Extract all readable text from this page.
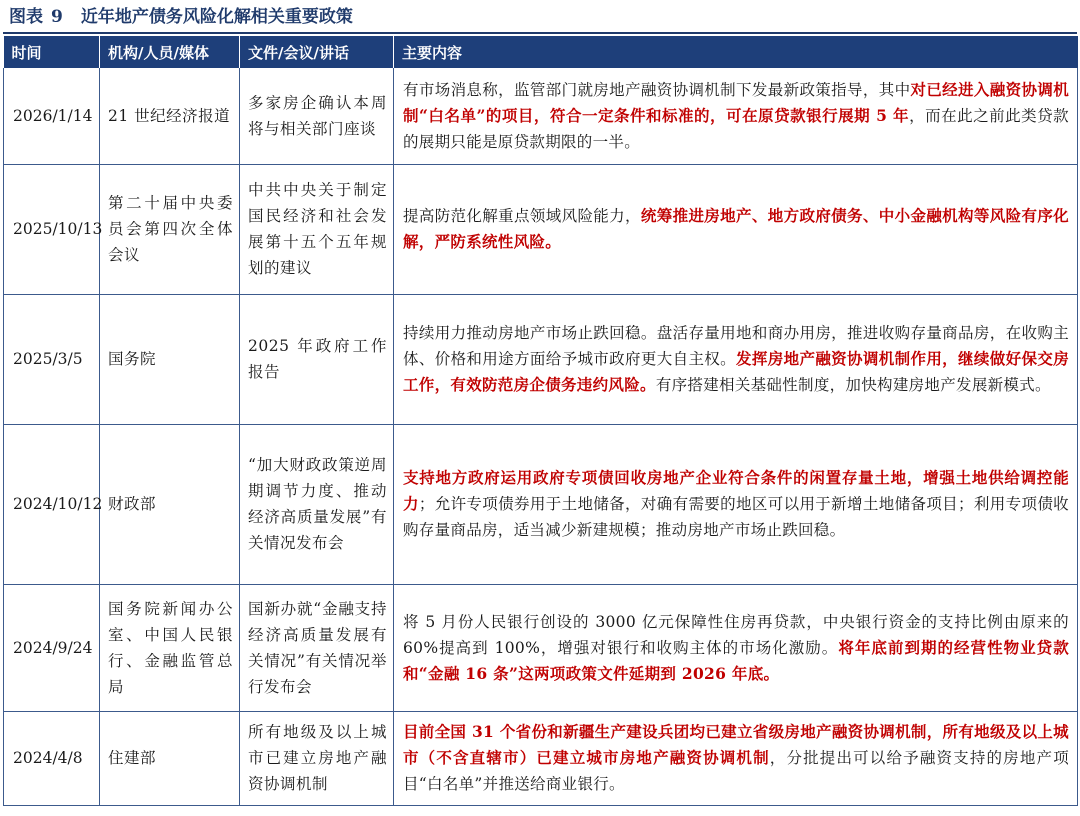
图表 9 近年地产债务风险化解相关重要政策
时间	机构/人员/媒体	文件/会议/讲话	主要内容
2026/1/14	21 世纪经济报道	多家房企确认本周将与相关部门座谈	有市场消息称，监管部门就房地产融资协调机制下发最新政策指导，其中对已经进入融资协调机制“白名单”的项目，符合一定条件和标准的，可在原贷款银行展期 5 年，而在此之前此类贷款的展期只能是原贷款期限的一半。
2025/10/13	第二十届中央委员会第四次全体会议	中共中央关于制定国民经济和社会发展第十五个五年规划的建议	提高防范化解重点领域风险能力，统筹推进房地产、地方政府债务、中小金融机构等风险有序化解，严防系统性风险。
2025/3/5	国务院	2025 年政府工作报告	持续用力推动房地产市场止跌回稳。盘活存量用地和商办用房，推进收购存量商品房，在收购主体、价格和用途方面给予城市政府更大自主权。发挥房地产融资协调机制作用，继续做好保交房工作，有效防范房企债务违约风险。有序搭建相关基础性制度，加快构建房地产发展新模式。
2024/10/12	财政部	“加大财政政策逆周期调节力度、推动经济高质量发展”有关情况发布会	支持地方政府运用政府专项债回收房地产企业符合条件的闲置存量土地，增强土地供给调控能力；允许专项债券用于土地储备，对确有需要的地区可以用于新增土地储备项目；利用专项债收购存量商品房，适当减少新建规模；推动房地产市场止跌回稳。
2024/9/24	国务院新闻办公室、中国人民银行、金融监管总局	国新办就“金融支持经济高质量发展有关情况”有关情况举行发布会	将 5 月份人民银行创设的 3000 亿元保障性住房再贷款，中央银行资金的支持比例由原来的 60%提高到 100%，增强对银行和收购主体的市场化激励。将年底前到期的经营性物业贷款和“金融 16 条”这两项政策文件延期到 2026 年底。
2024/4/8	住建部	所有地级及以上城市已建立房地产融资协调机制	目前全国 31 个省份和新疆生产建设兵团均已建立省级房地产融资协调机制，所有地级及以上城市（不含直辖市）已建立城市房地产融资协调机制，分批提出可以给予融资支持的房地产项目“白名单”并推送给商业银行。
